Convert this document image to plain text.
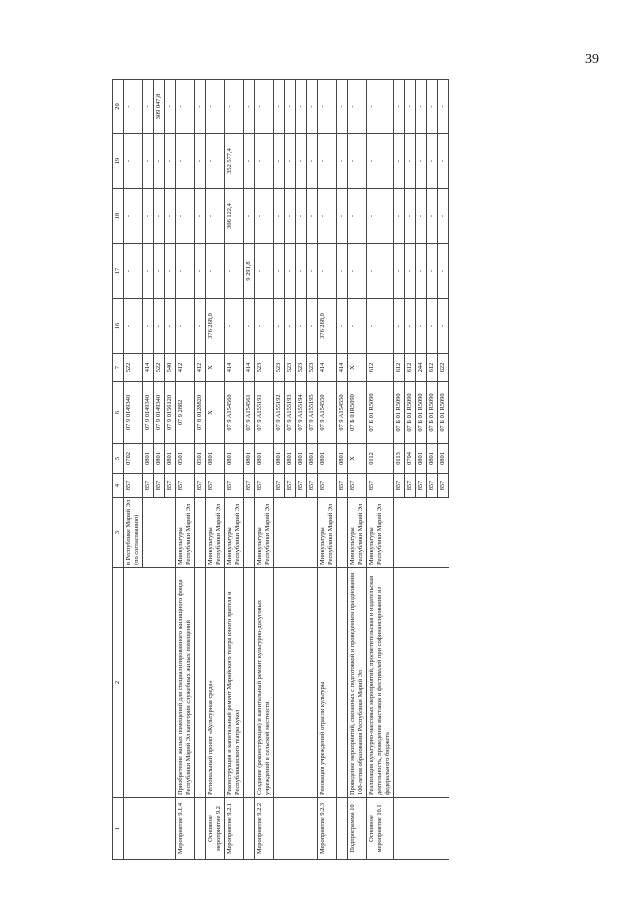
39
1	2	3	4	5	6	7	16	17	18	19	20
		в Республике Марий Эл (по согласованию)	857	0702	07 9 0149340	522	-	-	-	-	-
			857	0801	07 9 0149340	414	-	-	-	-	-
			857	0801	07 9 0149340	522	-	-	-	-	309 047,8
			857	0801	07 9 0156120	540	-	-	-	-	-
Мероприятие 9.1.4	Приобретение жилых помещений для специализированного жилищного фонда Республики Марий Эл категории служебных жилых помещений	Минкультуры Республики Марий Эл	857	0501	07 9 2882	412	-	-	-	-	-
			857	0501	07 8 0128820	412	-	-	-	-	-
Основное мероприятие 9.2	Региональный проект «Культурная среда»	Минкультуры Республики Марий Эл	857	0801	Х	Х	376 268,0	-	-	-	-
Мероприятие 9.2.1	Реконструкция и капитальный ремонт Марийского театра юного зрителя и Республиканского театра кукол	Минкультуры Республики Марий Эл	857	0801	07 9 A154560	414	-	-	306 122,4	352 577,4	-
			857	0801	07 9 A154561	414	-	9 291,8	-	-	-
Мероприятие 9.2.2	Создание (реконструкция) и капитальный ремонт культурно-досуговых учреждений в сельской местности	Минкультуры Республики Марий Эл	857	0801	07 9 A155191	523	-	-	-	-	-
			857	0801	07 9 A155192	523	-	-	-	-	-
			857	0801	07 9 A155193	523	-	-	-	-	-
			857	0801	07 9 A155194	523	-	-	-	-	-
			857	0801	07 9 A155195	523	-	-	-	-	-
Мероприятие 9.2.3	Реновация учреждений отрасли культуры	Минкультуры Республики Марий Эл	857	0801	07 9 A154550	414	376 268,0	-	-	-	-
			857	0801	07 9 A154550	414	-	-	-	-	-
Подпрограмма 10	Проведение мероприятий, связанных с подготовкой и проведением празднования 100-летия образования Республики Марий Эл	Минкультуры Республики Марий Эл	857	Х	07 Б 01R5090	Х	-	-	-	-	-
Основное мероприятие 10.1	Реализация культурно-массовых мероприятий, просветительская и издательская деятельность, проведение выставок и фестивалей при софинансировании из федерального бюджета	Минкультуры Республики Марий Эл	857	0112	07 Б 01 R5090	612	-	-	-	-	-
			857	0113	07 Б 01 R5090	612	-	-	-	-	-
			857	0704	07 Б 01 R5090	612	-	-	-	-	-
			857	0801	07 Б 01 R5090	244	-	-	-	-	-
			857	0801	07 Б 01 R5090	612	-	-	-	-	-
			857	0801	07 Б 01 R5090	622	-	-	-	-	-
